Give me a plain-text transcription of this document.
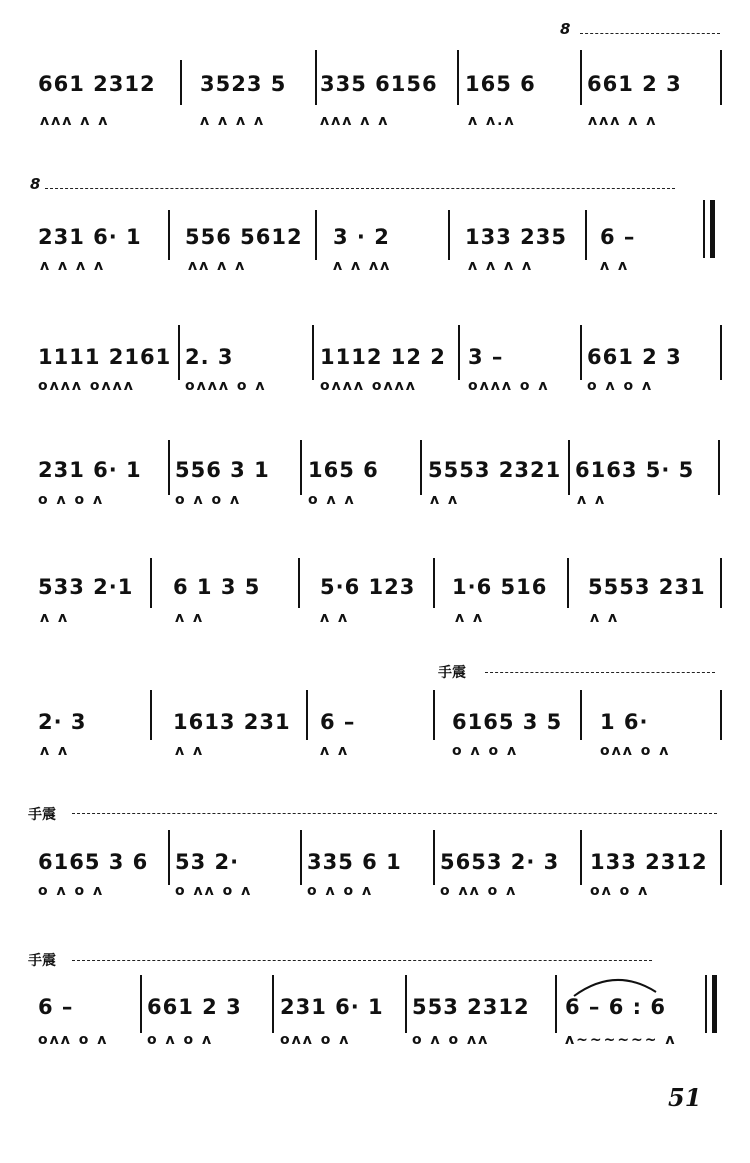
8
8
手震
手震
手震
661 2312
ʌʌʌ ʌ ʌ
3523 5
ʌ ʌ ʌ ʌ
335 6156
ʌʌʌ ʌ ʌ
165 6
ʌ ʌ.ʌ
661 2 3
ʌʌʌ ʌ ʌ
231 6· 1
ʌ ʌ ʌ ʌ
556 5612
ʌʌ ʌ ʌ
3 · 2
ʌ ʌ ʌʌ
133 235
ʌ ʌ ʌ ʌ
6 –
ʌ ʌ
1111 2161
oʌʌʌ oʌʌʌ
2. 3
oʌʌʌ o ʌ
1112 12 2
oʌʌʌ oʌʌʌ
3 –
oʌʌʌ o ʌ
661 2 3
o ʌ o ʌ
231 6· 1
o ʌ o ʌ
556 3 1
o ʌ o ʌ
165 6
o ʌ ʌ
5553 2321
ʌ ʌ
6163 5· 5
ʌ ʌ
533 2·1
ʌ ʌ
6 1 3 5
ʌ ʌ
5·6 123
ʌ ʌ
1·6 516
ʌ ʌ
5553 231
ʌ ʌ
2· 3
ʌ ʌ
1613 231
ʌ ʌ
6 –
ʌ ʌ
6165 3 5
o ʌ o ʌ
1 6·
oʌʌ o ʌ
6165 3 6
o ʌ o ʌ
53 2·
o ʌʌ o ʌ
335 6 1
o ʌ o ʌ
5653 2· 3
o ʌʌ o ʌ
133 2312
oʌ o ʌ
6 –
oʌʌ o ʌ
661 2 3
o ʌ o ʌ
231 6· 1
oʌʌ o ʌ
553 2312
o ʌ o ʌʌ
6 – 6 : 6
ʌ~~~~~~ ʌ
51
